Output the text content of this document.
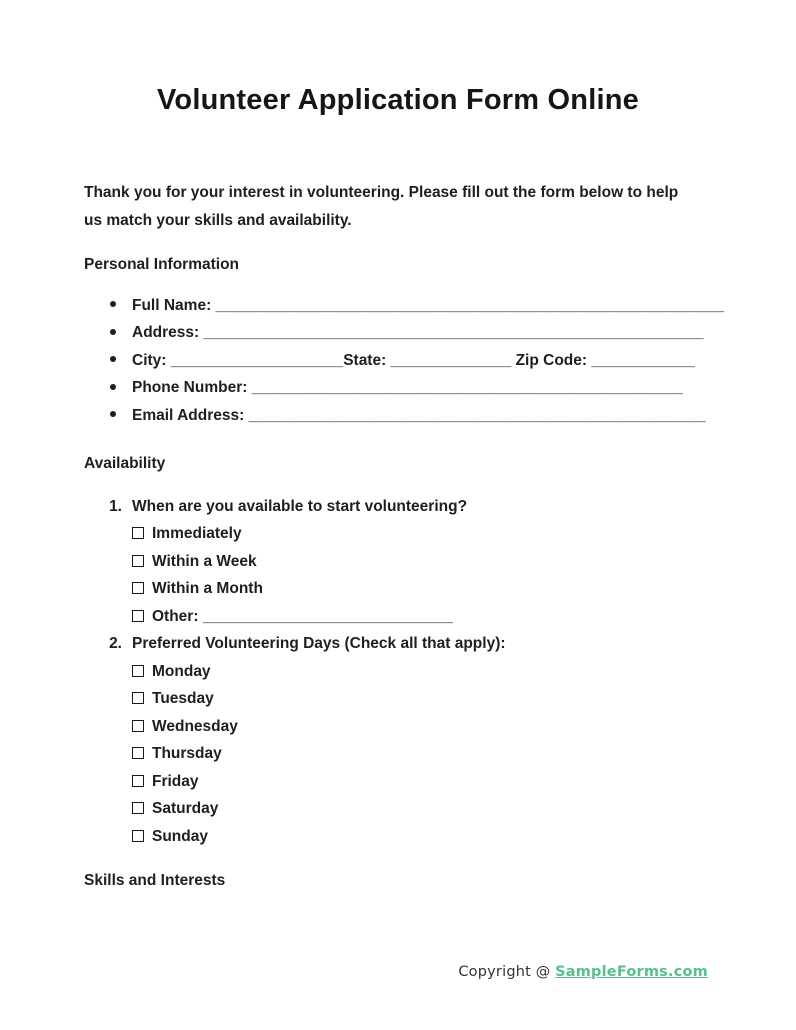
Volunteer Application Form Online
Thank you for your interest in volunteering. Please fill out the form below to help
us match your skills and availability.
Personal Information
Full Name: ___________________________________________________________
Address: __________________________________________________________
City: ____________________State: ______________ Zip Code: ____________
Phone Number: __________________________________________________
Email Address: _____________________________________________________
Availability
1. When are you available to start volunteering?
Immediately
Within a Week
Within a Month
Other: _____________________________
2. Preferred Volunteering Days (Check all that apply):
Monday
Tuesday
Wednesday
Thursday
Friday
Saturday
Sunday
Skills and Interests
Copyright @ SampleForms.com
